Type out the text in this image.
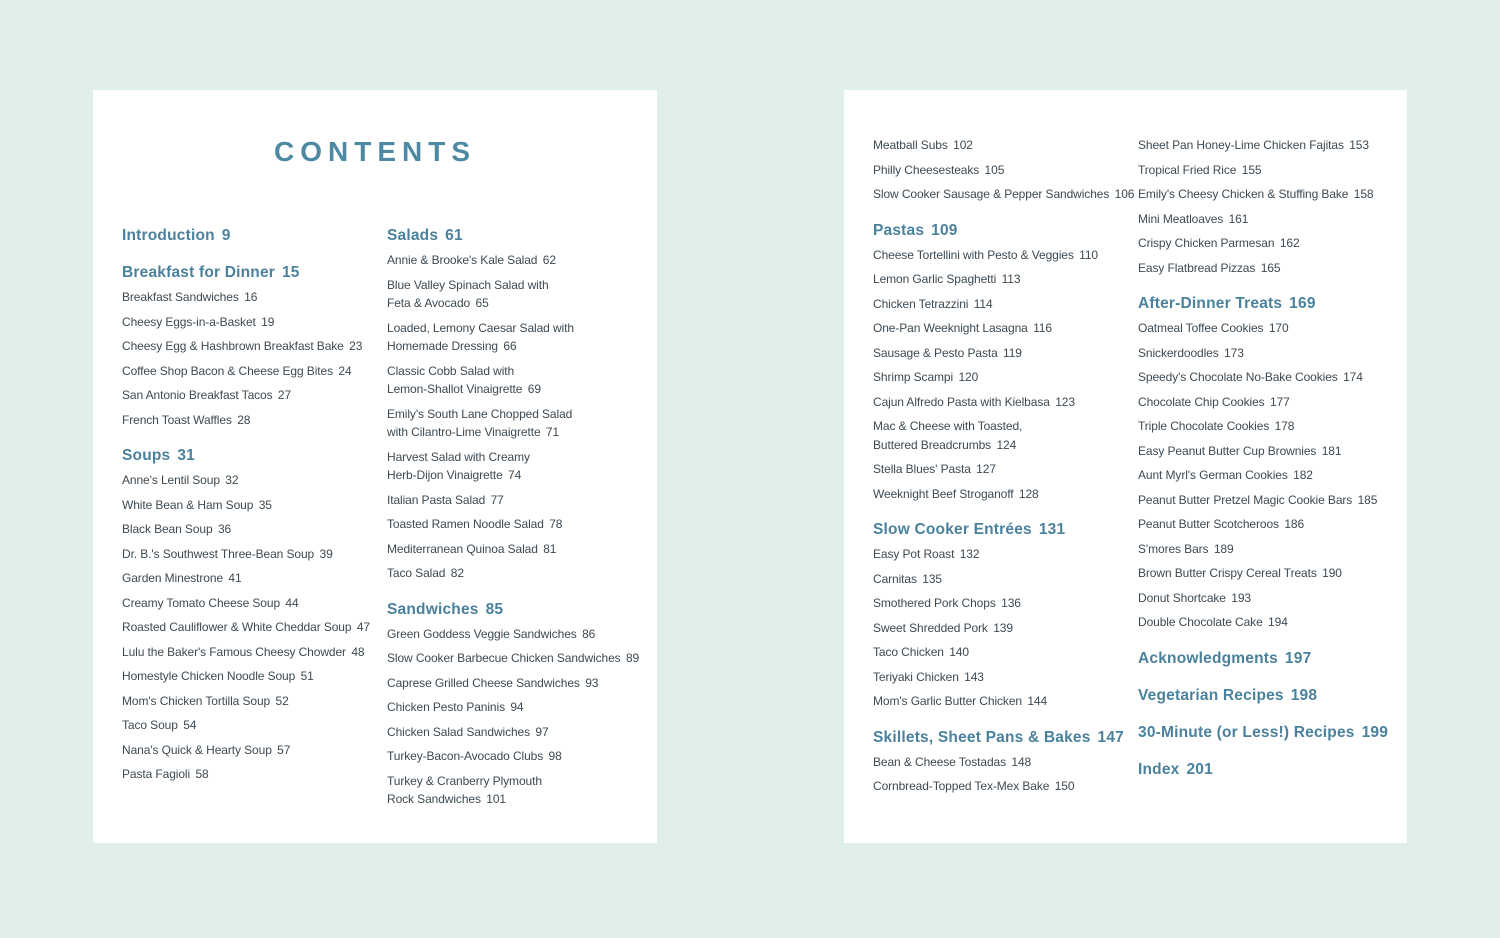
CONTENTS
Introduction 9
Breakfast for Dinner 15
Breakfast Sandwiches 16
Cheesy Eggs-in-a-Basket 19
Cheesy Egg & Hashbrown Breakfast Bake 23
Coffee Shop Bacon & Cheese Egg Bites 24
San Antonio Breakfast Tacos 27
French Toast Waffles 28
Soups 31
Anne's Lentil Soup 32
White Bean & Ham Soup 35
Black Bean Soup 36
Dr. B.'s Southwest Three-Bean Soup 39
Garden Minestrone 41
Creamy Tomato Cheese Soup 44
Roasted Cauliflower & White Cheddar Soup 47
Lulu the Baker's Famous Cheesy Chowder 48
Homestyle Chicken Noodle Soup 51
Mom's Chicken Tortilla Soup 52
Taco Soup 54
Nana's Quick & Hearty Soup 57
Pasta Fagioli 58
Salads 61
Annie & Brooke's Kale Salad 62
Blue Valley Spinach Salad with
Feta & Avocado 65
Loaded, Lemony Caesar Salad with
Homemade Dressing 66
Classic Cobb Salad with
Lemon-Shallot Vinaigrette 69
Emily's South Lane Chopped Salad
with Cilantro-Lime Vinaigrette 71
Harvest Salad with Creamy
Herb-Dijon Vinaigrette 74
Italian Pasta Salad 77
Toasted Ramen Noodle Salad 78
Mediterranean Quinoa Salad 81
Taco Salad 82
Sandwiches 85
Green Goddess Veggie Sandwiches 86
Slow Cooker Barbecue Chicken Sandwiches 89
Caprese Grilled Cheese Sandwiches 93
Chicken Pesto Paninis 94
Chicken Salad Sandwiches 97
Turkey-Bacon-Avocado Clubs 98
Turkey & Cranberry Plymouth
Rock Sandwiches 101
Meatball Subs 102
Philly Cheesesteaks 105
Slow Cooker Sausage & Pepper Sandwiches 106
Pastas 109
Cheese Tortellini with Pesto & Veggies 110
Lemon Garlic Spaghetti 113
Chicken Tetrazzini 114
One-Pan Weeknight Lasagna 116
Sausage & Pesto Pasta 119
Shrimp Scampi 120
Cajun Alfredo Pasta with Kielbasa 123
Mac & Cheese with Toasted,
Buttered Breadcrumbs 124
Stella Blues' Pasta 127
Weeknight Beef Stroganoff 128
Slow Cooker Entrées 131
Easy Pot Roast 132
Carnitas 135
Smothered Pork Chops 136
Sweet Shredded Pork 139
Taco Chicken 140
Teriyaki Chicken 143
Mom's Garlic Butter Chicken 144
Skillets, Sheet Pans & Bakes 147
Bean & Cheese Tostadas 148
Cornbread-Topped Tex-Mex Bake 150
Sheet Pan Honey-Lime Chicken Fajitas 153
Tropical Fried Rice 155
Emily's Cheesy Chicken & Stuffing Bake 158
Mini Meatloaves 161
Crispy Chicken Parmesan 162
Easy Flatbread Pizzas 165
After-Dinner Treats 169
Oatmeal Toffee Cookies 170
Snickerdoodles 173
Speedy's Chocolate No-Bake Cookies 174
Chocolate Chip Cookies 177
Triple Chocolate Cookies 178
Easy Peanut Butter Cup Brownies 181
Aunt Myrl's German Cookies 182
Peanut Butter Pretzel Magic Cookie Bars 185
Peanut Butter Scotcheroos 186
S'mores Bars 189
Brown Butter Crispy Cereal Treats 190
Donut Shortcake 193
Double Chocolate Cake 194
Acknowledgments 197
Vegetarian Recipes 198
30-Minute (or Less!) Recipes 199
Index 201
